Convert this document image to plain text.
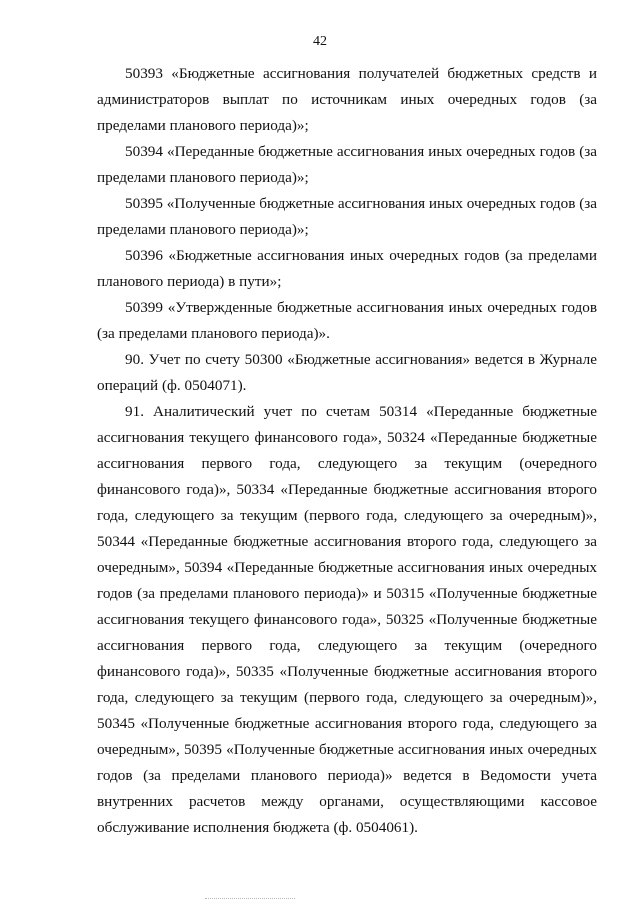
42

50393 «Бюджетные ассигнования получателей бюджетных средств и администраторов выплат по источникам иных очередных годов (за пределами планового периода)»;

50394 «Переданные бюджетные ассигнования иных очередных годов (за пределами планового периода)»;

50395 «Полученные бюджетные ассигнования иных очередных годов (за пределами планового периода)»;

50396 «Бюджетные ассигнования иных очередных годов (за пределами планового периода) в пути»;

50399 «Утвержденные бюджетные ассигнования иных очередных годов (за пределами планового периода)».

90. Учет по счету 50300 «Бюджетные ассигнования» ведется в Журнале операций (ф. 0504071).

91. Аналитический учет по счетам 50314 «Переданные бюджетные ассигнования текущего финансового года», 50324 «Переданные бюджетные ассигнования первого года, следующего за текущим (очередного финансового года)», 50334 «Переданные бюджетные ассигнования второго года, следующего за текущим (первого года, следующего за очередным)», 50344 «Переданные бюджетные ассигнования второго года, следующего за очередным», 50394 «Переданные бюджетные ассигнования иных очередных годов (за пределами планового периода)» и 50315 «Полученные бюджетные ассигнования текущего финансового года», 50325 «Полученные бюджетные ассигнования первого года, следующего за текущим (очередного финансового года)», 50335 «Полученные бюджетные ассигнования второго года, следующего за текущим (первого года, следующего за очередным)», 50345 «Полученные бюджетные ассигнования второго года, следующего за очередным», 50395 «Полученные бюджетные ассигнования иных очередных годов (за пределами планового периода)» ведется в Ведомости учета внутренних расчетов между органами, осуществляющими кассовое обслуживание исполнения бюджета (ф. 0504061).
